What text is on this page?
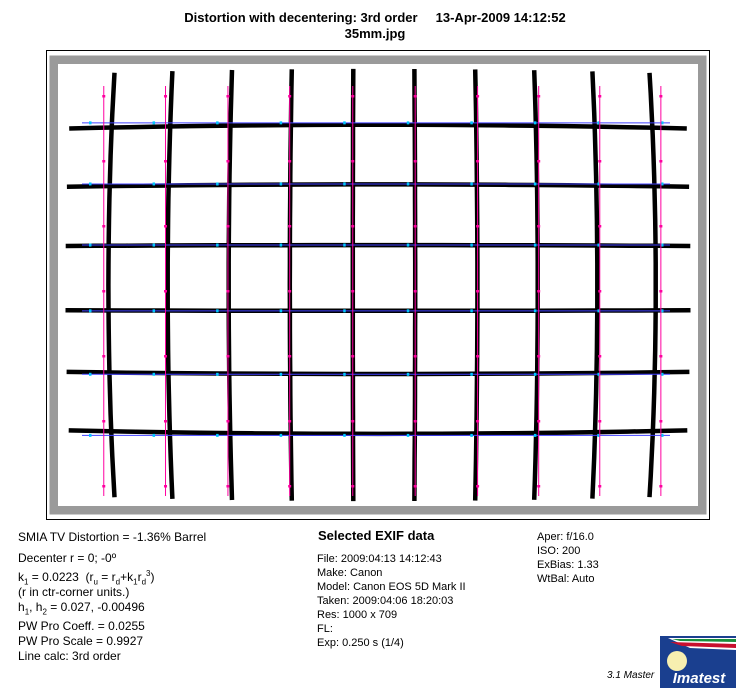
Distortion with decentering: 3rd order 13-Apr-2009 14:12:52
35mm.jpg
SMIA TV Distortion = -1.36% Barrel
Decenter r = 0; -0º
$k_1 = 0.0223$  $(r_u = r_d+k_1r_d^3)$
(r in ctr-corner units.)
$h_1$, $h_2 = 0.027$, -0.00496
PW Pro Coeff. = 0.0255
PW Pro Scale = 0.9927
Line calc: 3rd order
Selected EXIF data
File: 2009:04:13 14:12:43
Make: Canon
Model: Canon EOS 5D Mark II
Taken: 2009:04:06 18:20:03
Res: 1000 x 709
FL:
Exp: 0.250 s (1/4)
Aper: f/16.0
ISO: 200
ExBias: 1.33
WtBal: Auto
3.1 Master Imatest
